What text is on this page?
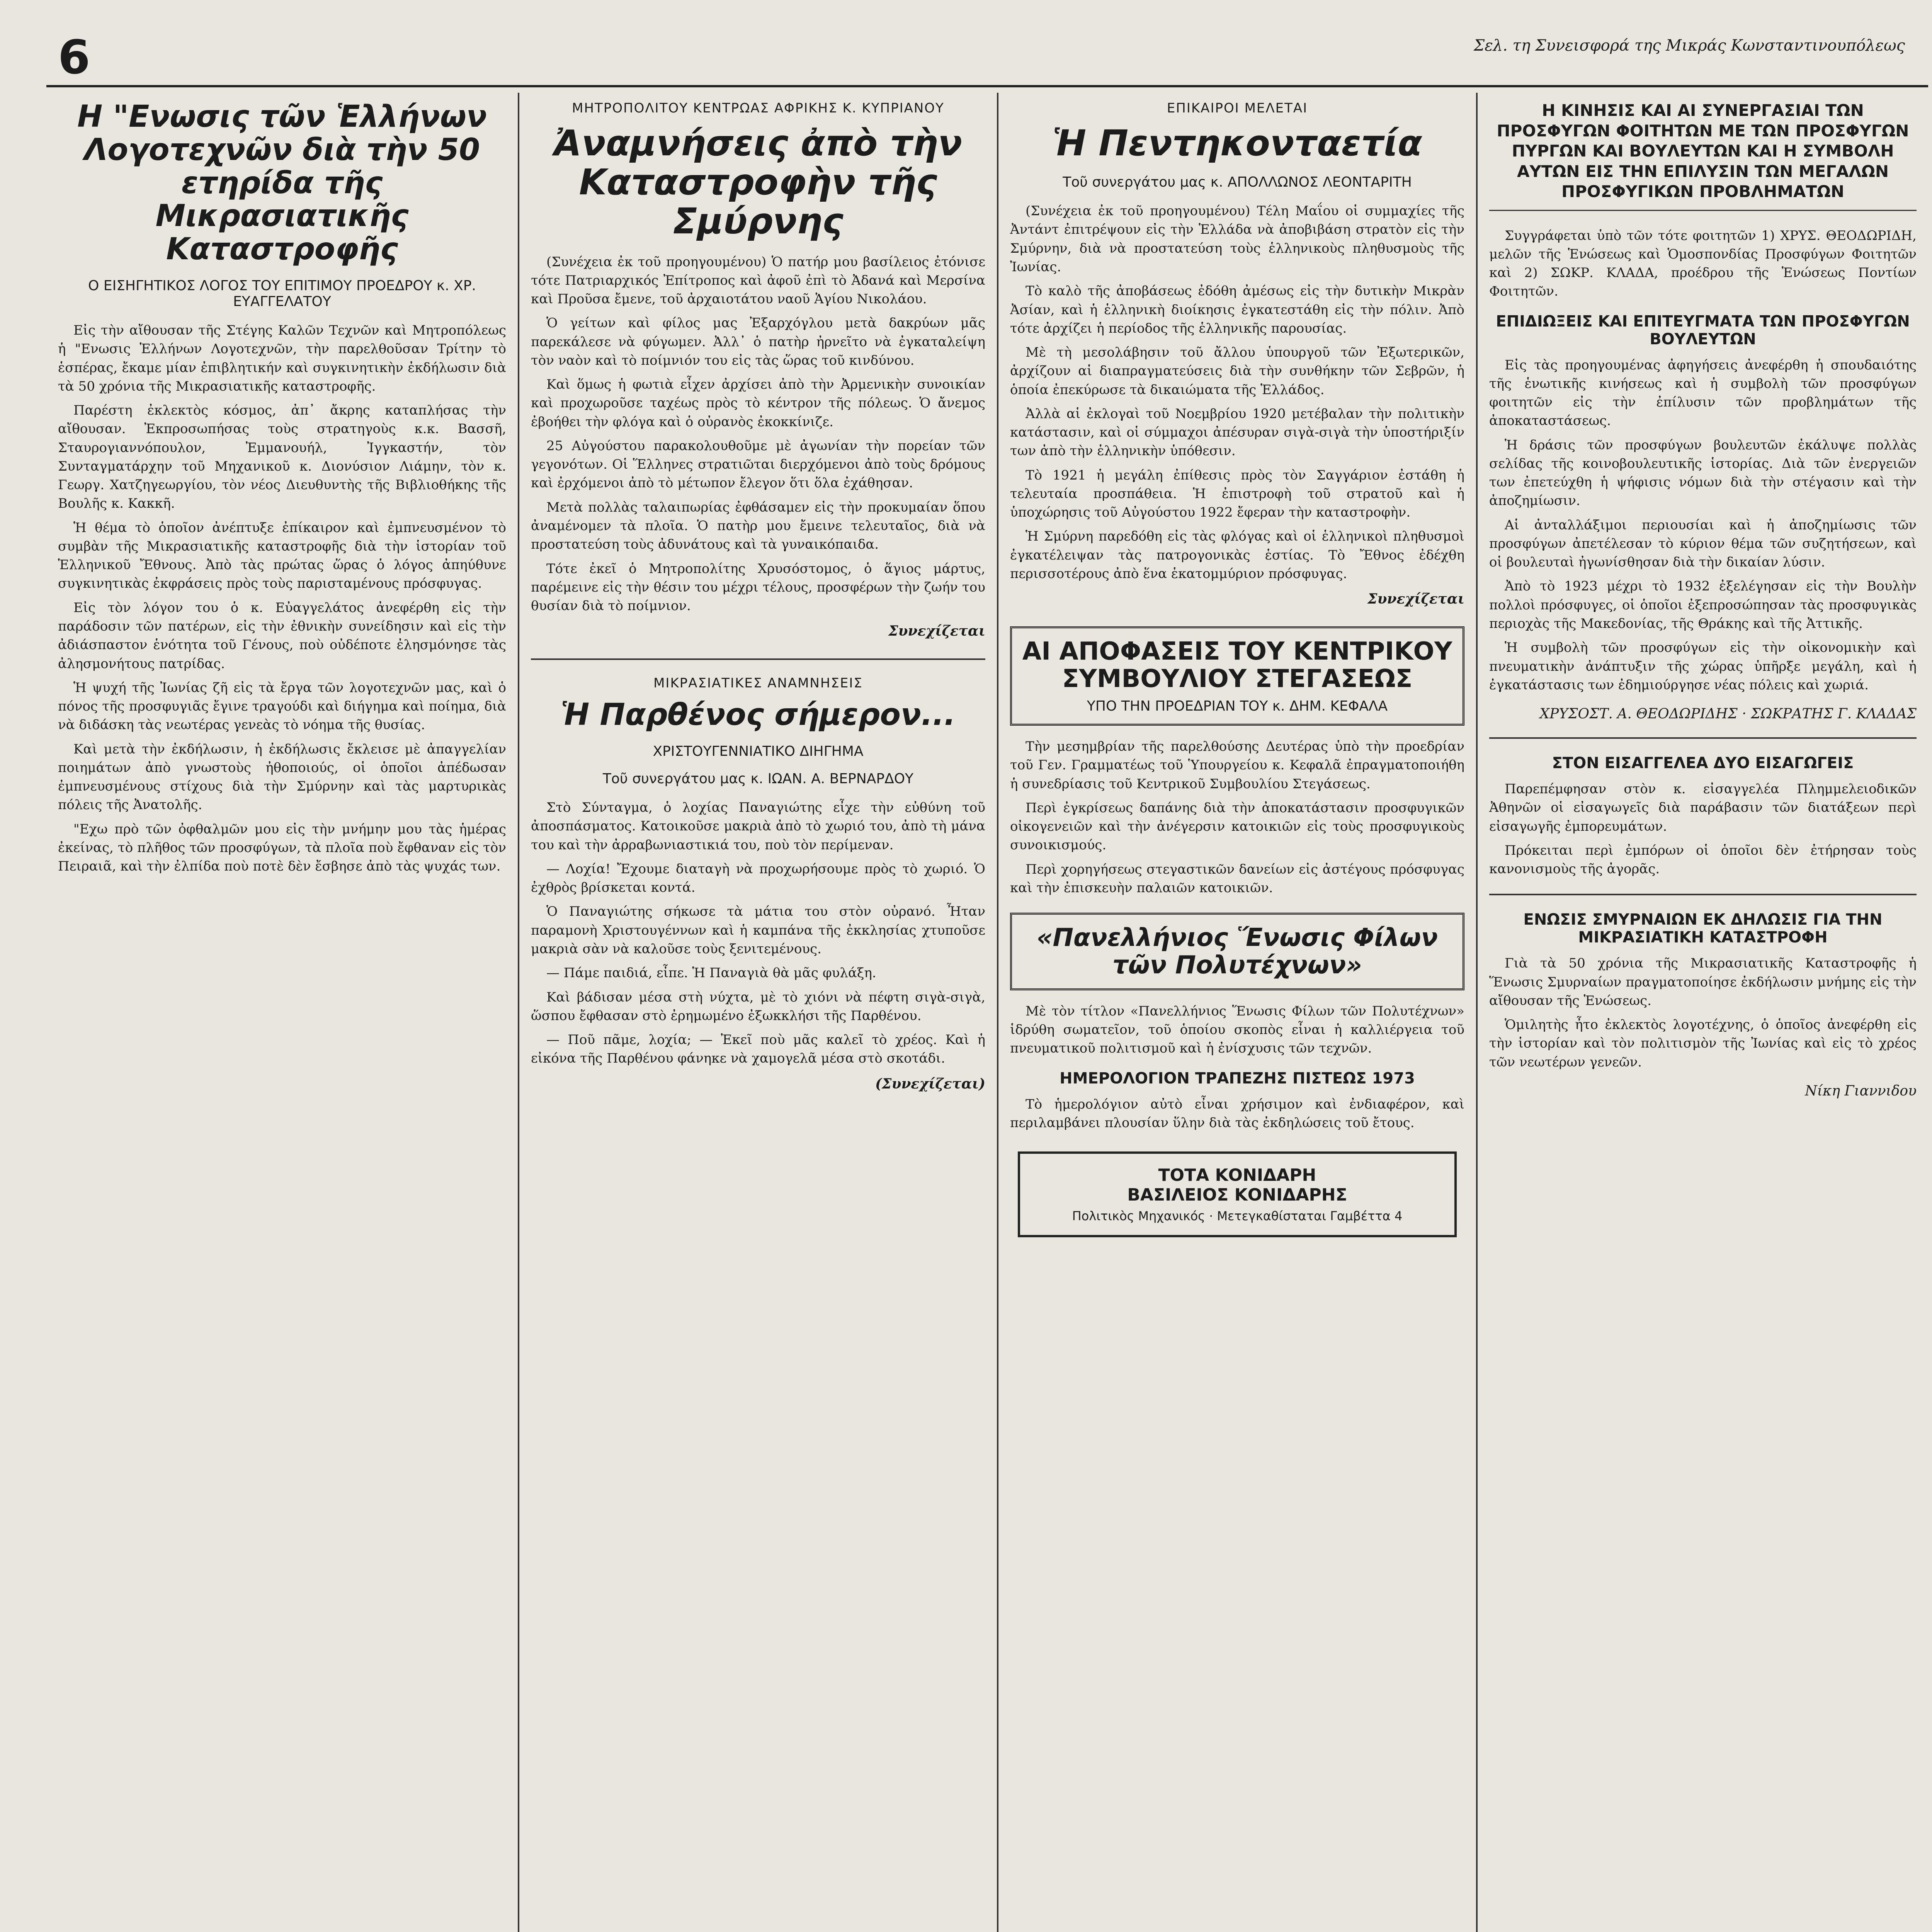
6	Σελ. τη Συνεισφορά της Μικράς Κωνσταντινουπόλεως
Η "Ενωσις τῶν Ἑλλήνων Λογοτεχνῶν διὰ τὴν 50 ετηρίδα τῆς Μικρασιατικῆς Καταστροφῆς
Ο ΕΙΣΗΓΗΤΙΚΟΣ ΛΟΓΟΣ ΤΟΥ ΕΠΙΤΙΜΟΥ ΠΡΟΕΔΡΟΥ κ. ΧΡ. ΕΥΑΓΓΕΛΑΤΟΥ

Εἰς τὴν αἴθουσαν τῆς Στέγης Καλῶν Τεχνῶν καὶ Μητροπόλεως ἡ "Ενωσις Ἑλλήνων Λογοτεχνῶν, τὴν παρελθοῦσαν Τρίτην τὸ ἑσπέρας, ἔκαμε μίαν ἐπιβλητικήν καὶ συγκινητικὴν ἐκδήλωσιν διὰ τὰ 50 χρόνια τῆς Μικρασιατικῆς καταστροφῆς.

Παρέστη ἐκλεκτὸς κόσμος, ἀπ᾽ ἄκρης καταπλήσας τὴν αἴθουσαν. Ἐκπροσωπήσας τοὺς στρατηγοὺς κ.κ. Βασσῆ, Σταυρογιαννόπουλον, Ἐμμανουήλ, Ἰγγκαστήν, τὸν Συνταγματάρχην τοῦ Μηχανικοῦ κ. Διονύσιον Λιάμην, τὸν κ. Γεωργ. Χατζηγεωργίου, τὸν νέος Διευθυντὴς τῆς Βιβλιοθήκης τῆς Βουλῆς κ. Κακκῆ.

Ἡ θέμα τὸ ὁποῖον ἀνέπτυξε ἐπίκαιρον καὶ ἐμπνευσμένον τὸ συμβὰν τῆς Μικρασιατικῆς καταστροφῆς διὰ τὴν ἱστορίαν τοῦ Ἑλληνικοῦ Ἔθνους. Ἀπὸ τὰς πρώτας ὥρας ὁ λόγος ἀπηύθυνε συγκινητικὰς ἐκφράσεις πρὸς τοὺς παρισταμένους πρόσφυγας.

Εἰς τὸν λόγον του ὁ κ. Εὐαγγελάτος ἀνεφέρθη εἰς τὴν παράδοσιν τῶν πατέρων, εἰς τὴν ἐθνικὴν συνείδησιν καὶ εἰς τὴν ἀδιάσπαστον ἑνότητα τοῦ Γένους, ποὺ οὐδέποτε ἐλησμόνησε τὰς ἀλησμονήτους πατρίδας.

Ἡ ψυχή τῆς Ἰωνίας ζῆ εἰς τὰ ἔργα τῶν λογοτεχνῶν μας, καὶ ὁ πόνος τῆς προσφυγιᾶς ἔγινε τραγούδι καὶ διήγημα καὶ ποίημα, διὰ νὰ διδάσκη τὰς νεωτέρας γενεὰς τὸ νόημα τῆς θυσίας.

Καὶ μετὰ τὴν ἐκδήλωσιν, ἡ ἐκδήλωσις ἔκλεισε μὲ ἀπαγγελίαν ποιημάτων ἀπὸ γνωστοὺς ἠθοποιούς, οἱ ὁποῖοι ἀπέδωσαν ἐμπνευσμένους στίχους διὰ τὴν Σμύρνην καὶ τὰς μαρτυρικὰς πόλεις τῆς Ἀνατολῆς.

"Εχω πρὸ τῶν ὀφθαλμῶν μου εἰς τὴν μνήμην μου τὰς ἡμέρας ἐκείνας, τὸ πλῆθος τῶν προσφύγων, τὰ πλοῖα ποὺ ἔφθαναν εἰς τὸν Πειραιᾶ, καὶ τὴν ἐλπίδα ποὺ ποτὲ δὲν ἔσβησε ἀπὸ τὰς ψυχάς των.

ΜΗΤΡΟΠΟΛΙΤΟΥ ΚΕΝΤΡΩΑΣ ΑΦΡΙΚΗΣ Κ. ΚΥΠΡΙΑΝΟΥ
Ἀναμνήσεις ἀπὸ τὴν Καταστροφὴν τῆς Σμύρνης

(Συνέχεια ἐκ τοῦ προηγουμένου) Ὁ πατήρ μου βασίλειος ἐτόνισε τότε Πατριαρχικός Ἐπίτροπος καὶ ἀφοῦ ἐπὶ τὸ Ἀδανά καὶ Μερσίνα καὶ Προῦσα ἔμενε, τοῦ ἀρχαιοτάτου ναοῦ Ἁγίου Νικολάου.

Ὁ γείτων καὶ φίλος μας Ἐξαρχόγλου μετὰ δακρύων μᾶς παρεκάλεσε νὰ φύγωμεν. Ἀλλ᾽ ὁ πατὴρ ἠρνεῖτο νὰ ἐγκαταλείψη τὸν ναὸν καὶ τὸ ποίμνιόν του εἰς τὰς ὥρας τοῦ κινδύνου.

Καὶ ὅμως ἡ φωτιὰ εἶχεν ἀρχίσει ἀπὸ τὴν Ἀρμενικὴν συνοικίαν καὶ προχωροῦσε ταχέως πρὸς τὸ κέντρον τῆς πόλεως. Ὁ ἄνεμος ἐβοήθει τὴν φλόγα καὶ ὁ οὐρανὸς ἐκοκκίνιζε.

25 Αὐγούστου παρακολουθοῦμε μὲ ἀγωνίαν τὴν πορείαν τῶν γεγονότων. Οἱ Ἕλληνες στρατιῶται διερχόμενοι ἀπὸ τοὺς δρόμους καὶ ἐρχόμενοι ἀπὸ τὸ μέτωπον ἔλεγον ὅτι ὅλα ἐχάθησαν.

Μετὰ πολλὰς ταλαιπωρίας ἐφθάσαμεν εἰς τὴν προκυμαίαν ὅπου ἀναμένομεν τὰ πλοῖα. Ὁ πατὴρ μου ἔμεινε τελευταῖος, διὰ νὰ προστατεύση τοὺς ἀδυνάτους καὶ τὰ γυναικόπαιδα.

Τότε ἐκεῖ ὁ Μητροπολίτης Χρυσόστομος, ὁ ἅγιος μάρτυς, παρέμεινε εἰς τὴν θέσιν του μέχρι τέλους, προσφέρων τὴν ζωήν του θυσίαν διὰ τὸ ποίμνιον.

Συνεχίζεται
ΜΙΚΡΑΣΙΑΤΙΚΕΣ ΑΝΑΜΝΗΣΕΙΣ
Ἡ Παρθένος σήμερον...
ΧΡΙΣΤΟΥΓΕΝΝΙΑΤΙΚΟ ΔΙΗΓΗΜΑ
Τοῦ συνεργάτου μας κ. ΙΩΑΝ. Α. ΒΕΡΝΑΡΔΟΥ

Στὸ Σύνταγμα, ὁ λοχίας Παναγιώτης εἶχε τὴν εὐθύνη τοῦ ἀποσπάσματος. Κατοικοῦσε μακριὰ ἀπὸ τὸ χωριό του, ἀπὸ τὴ μάνα του καὶ τὴν ἀρραβωνιαστικιά του, ποὺ τὸν περίμεναν.

— Λοχία! Ἔχουμε διαταγὴ νὰ προχωρήσουμε πρὸς τὸ χωριό. Ὁ ἐχθρὸς βρίσκεται κοντά.

Ὁ Παναγιώτης σήκωσε τὰ μάτια του στὸν οὐρανό. Ἦταν παραμονὴ Χριστουγέννων καὶ ἡ καμπάνα τῆς ἐκκλησίας χτυποῦσε μακριὰ σὰν νὰ καλοῦσε τοὺς ξενιτεμένους.

— Πάμε παιδιά, εἶπε. Ἡ Παναγιὰ θὰ μᾶς φυλάξη.

Καὶ βάδισαν μέσα στὴ νύχτα, μὲ τὸ χιόνι νὰ πέφτη σιγὰ-σιγὰ, ὥσπου ἔφθασαν στὸ ἐρημωμένο ἐξωκκλήσι τῆς Παρθένου.

— Ποῦ πᾶμε, λοχία; — Ἐκεῖ ποὺ μᾶς καλεῖ τὸ χρέος. Καὶ ἡ εἰκόνα τῆς Παρθένου φάνηκε νὰ χαμογελᾶ μέσα στὸ σκοτάδι.

(Συνεχίζεται)
ΕΠΙΚΑΙΡΟΙ ΜΕΛΕΤΑΙ
Ἡ Πεντηκονταετία
Τοῦ συνεργάτου μας κ. ΑΠΟΛΛΩΝΟΣ ΛΕΟΝΤΑΡΙΤΗ

(Συνέχεια ἐκ τοῦ προηγουμένου) Τέλη Μαΐου οἱ συμμαχίες τῆς Ἀντάντ ἐπιτρέψουν εἰς τὴν Ἑλλάδα νὰ ἀποβιβάση στρατὸν εἰς τὴν Σμύρνην, διὰ νὰ προστατεύση τοὺς ἑλληνικοὺς πληθυσμοὺς τῆς Ἰωνίας.

Τὸ καλὸ τῆς ἀποβάσεως ἐδόθη ἀμέσως εἰς τὴν δυτικὴν Μικρὰν Ἀσίαν, καὶ ἡ ἑλληνικὴ διοίκησις ἐγκατεστάθη εἰς τὴν πόλιν. Ἀπὸ τότε ἀρχίζει ἡ περίοδος τῆς ἑλληνικῆς παρουσίας.

Μὲ τὴ μεσολάβησιν τοῦ ἄλλου ὑπουργοῦ τῶν Ἐξωτερικῶν, ἀρχίζουν αἱ διαπραγματεύσεις διὰ τὴν συνθήκην τῶν Σεβρῶν, ἡ ὁποία ἐπεκύρωσε τὰ δικαιώματα τῆς Ἑλλάδος.

Ἀλλὰ αἱ ἐκλογαὶ τοῦ Νοεμβρίου 1920 μετέβαλαν τὴν πολιτικὴν κατάστασιν, καὶ οἱ σύμμαχοι ἀπέσυραν σιγὰ-σιγὰ τὴν ὑποστήριξίν των ἀπὸ τὴν ἑλληνικὴν ὑπόθεσιν.

Τὸ 1921 ἡ μεγάλη ἐπίθεσις πρὸς τὸν Σαγγάριον ἐστάθη ἡ τελευταία προσπάθεια. Ἡ ἐπιστροφὴ τοῦ στρατοῦ καὶ ἡ ὑποχώρησις τοῦ Αὐγούστου 1922 ἔφεραν τὴν καταστροφὴν.

Ἡ Σμύρνη παρεδόθη εἰς τὰς φλόγας καὶ οἱ ἑλληνικοὶ πληθυσμοὶ ἐγκατέλειψαν τὰς πατρογονικὰς ἑστίας. Τὸ Ἔθνος ἐδέχθη περισσοτέρους ἀπὸ ἕνα ἑκατομμύριον πρόσφυγας.

Συνεχίζεται
ΑΙ ΑΠΟΦΑΣΕΙΣ ΤΟΥ ΚΕΝΤΡΙΚΟΥ ΣΥΜΒΟΥΛΙΟΥ ΣΤΕΓΑΣΕΩΣ
ΥΠΟ ΤΗΝ ΠΡΟΕΔΡΙΑΝ ΤΟΥ κ. ΔΗΜ. ΚΕΦΑΛΑ

Τὴν μεσημβρίαν τῆς παρελθούσης Δευτέρας ὑπὸ τὴν προεδρίαν τοῦ Γεν. Γραμματέως τοῦ Ὑπουργείου κ. Κεφαλᾶ ἐπραγματοποιήθη ἡ συνεδρίασις τοῦ Κεντρικοῦ Συμβουλίου Στεγάσεως.

Περὶ ἐγκρίσεως δαπάνης διὰ τὴν ἀποκατάστασιν προσφυγικῶν οἰκογενειῶν καὶ τὴν ἀνέγερσιν κατοικιῶν εἰς τοὺς προσφυγικοὺς συνοικισμούς.

Περὶ χορηγήσεως στεγαστικῶν δανείων εἰς ἀστέγους πρόσφυγας καὶ τὴν ἐπισκευὴν παλαιῶν κατοικιῶν.

«Πανελλήνιος Ἕνωσις Φίλων τῶν Πολυτέχνων»

Μὲ τὸν τίτλον «Πανελλήνιος Ἕνωσις Φίλων τῶν Πολυτέχνων» ἱδρύθη σωματεῖον, τοῦ ὁποίου σκοπὸς εἶναι ἡ καλλιέργεια τοῦ πνευματικοῦ πολιτισμοῦ καὶ ἡ ἐνίσχυσις τῶν τεχνῶν.

ΗΜΕΡΟΛΟΓΙΟΝ ΤΡΑΠΕΖΗΣ ΠΙΣΤΕΩΣ 1973

Τὸ ἡμερολόγιον αὐτὸ εἶναι χρήσιμον καὶ ἐνδιαφέρον, καὶ περιλαμβάνει πλουσίαν ὕλην διὰ τὰς ἐκδηλώσεις τοῦ ἔτους.

ΤΟΤΑ ΚΟΝΙΔΑΡΗ
ΒΑΣΙΛΕΙΟΣ ΚΟΝΙΔΑΡΗΣ
Πολιτικὸς Μηχανικός · Μετεγκαθίσταται Γαμβέττα 4
Η ΚΙΝΗΣΙΣ ΚΑΙ ΑΙ ΣΥΝΕΡΓΑΣΙΑΙ ΤΩΝ ΠΡΟΣΦΥΓΩΝ ΦΟΙΤΗΤΩΝ ΜΕ ΤΩΝ ΠΡΟΣΦΥΓΩΝ ΠΥΡΓΩΝ ΚΑΙ ΒΟΥΛΕΥΤΩΝ ΚΑΙ Η ΣΥΜΒΟΛΗ ΑΥΤΩΝ ΕΙΣ ΤΗΝ ΕΠΙΛΥΣΙΝ ΤΩΝ ΜΕΓΑΛΩΝ ΠΡΟΣΦΥΓΙΚΩΝ ΠΡΟΒΛΗΜΑΤΩΝ

Συγγράφεται ὑπὸ τῶν τότε φοιτητῶν 1) ΧΡΥΣ. ΘΕΟΔΩΡΙΔΗ, μελῶν τῆς Ἑνώσεως καὶ Ὁμοσπονδίας Προσφύγων Φοιτητῶν καὶ 2) ΣΩΚΡ. ΚΛΑΔΑ, προέδρου τῆς Ἑνώσεως Ποντίων Φοιτητῶν.

ΕΠΙΔΙΩΞΕΙΣ ΚΑΙ ΕΠΙΤΕΥΓΜΑΤΑ ΤΩΝ ΠΡΟΣΦΥΓΩΝ ΒΟΥΛΕΥΤΩΝ

Εἰς τὰς προηγουμένας ἀφηγήσεις ἀνεφέρθη ἡ σπουδαιότης τῆς ἑνωτικῆς κινήσεως καὶ ἡ συμβολὴ τῶν προσφύγων φοιτητῶν εἰς τὴν ἐπίλυσιν τῶν προβλημάτων τῆς ἀποκαταστάσεως.

Ἡ δράσις τῶν προσφύγων βουλευτῶν ἐκάλυψε πολλὰς σελίδας τῆς κοινοβουλευτικῆς ἱστορίας. Διὰ τῶν ἐνεργειῶν των ἐπετεύχθη ἡ ψήφισις νόμων διὰ τὴν στέγασιν καὶ τὴν ἀποζημίωσιν.

Αἱ ἀνταλλάξιμοι περιουσίαι καὶ ἡ ἀποζημίωσις τῶν προσφύγων ἀπετέλεσαν τὸ κύριον θέμα τῶν συζητήσεων, καὶ οἱ βουλευταὶ ἠγωνίσθησαν διὰ τὴν δικαίαν λύσιν.

Ἀπὸ τὸ 1923 μέχρι τὸ 1932 ἐξελέγησαν εἰς τὴν Βουλὴν πολλοὶ πρόσφυγες, οἱ ὁποῖοι ἐξεπροσώπησαν τὰς προσφυγικὰς περιοχὰς τῆς Μακεδονίας, τῆς Θράκης καὶ τῆς Ἀττικῆς.

Ἡ συμβολὴ τῶν προσφύγων εἰς τὴν οἰκονομικὴν καὶ πνευματικὴν ἀνάπτυξιν τῆς χώρας ὑπῆρξε μεγάλη, καὶ ἡ ἐγκατάστασις των ἐδημιούργησε νέας πόλεις καὶ χωριά.

ΧΡΥΣΟΣΤ. Α. ΘΕΟΔΩΡΙΔΗΣ · ΣΩΚΡΑΤΗΣ Γ. ΚΛΑΔΑΣ
ΣΤΟΝ ΕΙΣΑΓΓΕΛΕΑ ΔΥΟ ΕΙΣΑΓΩΓΕΙΣ

Παρεπέμφησαν στὸν κ. εἰσαγγελέα Πλημμελειοδικῶν Ἀθηνῶν οἱ εἰσαγωγεῖς διὰ παράβασιν τῶν διατάξεων περὶ εἰσαγωγῆς ἐμπορευμάτων.

Πρόκειται περὶ ἐμπόρων οἱ ὁποῖοι δὲν ἐτήρησαν τοὺς κανονισμοὺς τῆς ἀγορᾶς.

ΕΝΩΣΙΣ ΣΜΥΡΝΑΙΩΝ ΕΚ ΔΗΛΩΣΙΣ ΓΙΑ ΤΗΝ ΜΙΚΡΑΣΙΑΤΙΚΗ ΚΑΤΑΣΤΡΟΦΗ

Γιὰ τὰ 50 χρόνια τῆς Μικρασιατικῆς Καταστροφῆς ἡ Ἕνωσις Σμυρναίων πραγματοποίησε ἐκδήλωσιν μνήμης εἰς τὴν αἴθουσαν τῆς Ἑνώσεως.

Ὁμιλητὴς ἦτο ἐκλεκτὸς λογοτέχνης, ὁ ὁποῖος ἀνεφέρθη εἰς τὴν ἱστορίαν καὶ τὸν πολιτισμὸν τῆς Ἰωνίας καὶ εἰς τὸ χρέος τῶν νεωτέρων γενεῶν.

Νίκη Γιαννιδου
